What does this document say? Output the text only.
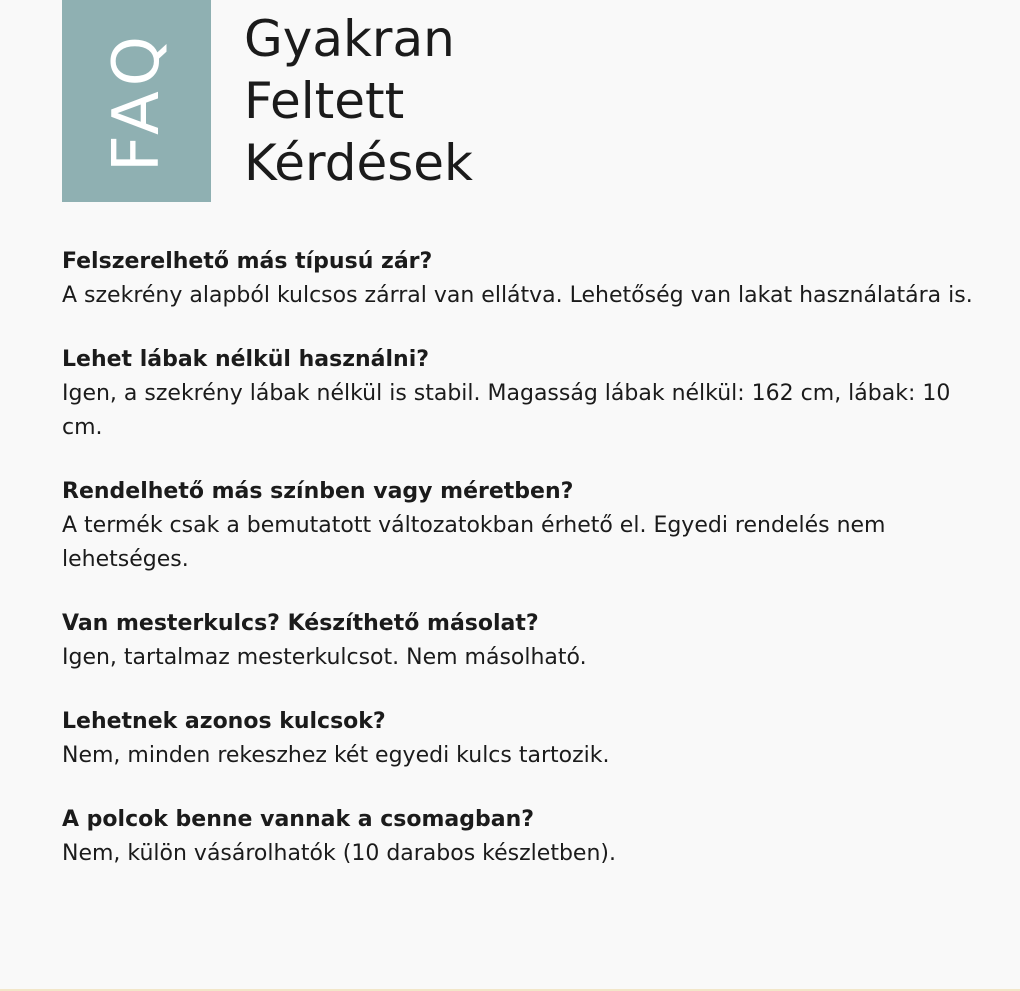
FAQ Gyakran
Feltett
Kérdések

Felszerelhető más típusú zár?

A szekrény alapból kulcsos zárral van ellátva. Lehetőség van lakat használatára is.

Lehet lábak nélkül használni?

Igen, a szekrény lábak nélkül is stabil. Magasság lábak nélkül: 162 cm, lábak: 10 cm.

Rendelhető más színben vagy méretben?

A termék csak a bemutatott változatokban érhető el. Egyedi rendelés nem lehetséges.

Van mesterkulcs? Készíthető másolat?

Igen, tartalmaz mesterkulcsot. Nem másolható.

Lehetnek azonos kulcsok?

Nem, minden rekeszhez két egyedi kulcs tartozik.

A polcok benne vannak a csomagban?

Nem, külön vásárolhatók (10 darabos készletben).
